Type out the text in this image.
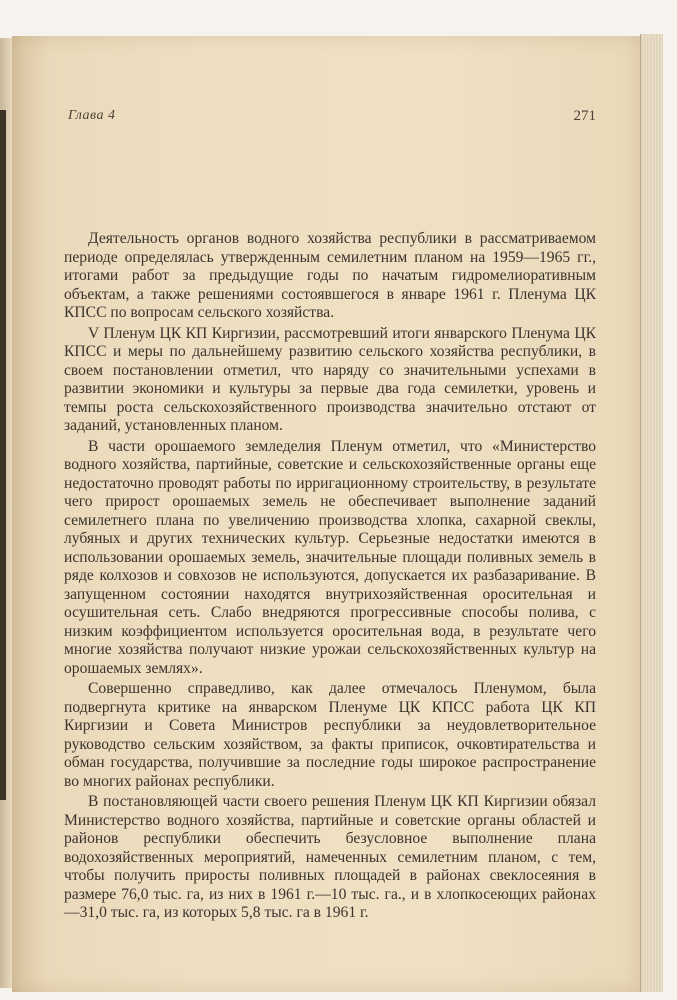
Глава 4	271

Деятельность органов водного хозяйства республики в рассматриваемом периоде определялась утвержденным семилетним планом на 1959—1965 гг., итогами работ за предыдущие годы по начатым гидромелиоративным объектам, а также решениями состоявшегося в январе 1961 г. Пленума ЦК КПСС по вопросам сельского хозяйства.

V Пленум ЦК КП Киргизии, рассмотревший итоги январского Пленума ЦК КПСС и меры по дальнейшему развитию сельского хозяйства республики, в своем постановлении отметил, что наряду со значительными успехами в развитии экономики и культуры за первые два года семилетки, уровень и темпы роста сельскохозяйственного производства значительно отстают от заданий, установленных планом.

В части орошаемого земледелия Пленум отметил, что «Министерство водного хозяйства, партийные, советские и сельскохозяйственные органы еще недостаточно проводят работы по ирригационному строительству, в результате чего прирост орошаемых земель не обеспечивает выполнение заданий семилетнего плана по увеличению производства хлопка, сахарной свеклы, лубяных и других технических культур. Серьезные недостатки имеются в использовании орошаемых земель, значительные площади поливных земель в ряде колхозов и совхозов не используются, допускается их разбазаривание. В запущенном состоянии находятся внутрихозяйственная оросительная и осушительная сеть. Слабо внедряются прогрессивные способы полива, с низким коэффициентом используется оросительная вода, в результате чего многие хозяйства получают низкие урожаи сельскохозяйственных культур на орошаемых землях».

Совершенно справедливо, как далее отмечалось Пленумом, была подвергнута критике на январском Пленуме ЦК КПСС работа ЦК КП Киргизии и Совета Министров республики за неудовлетворительное руководство сельским хозяйством, за факты приписок, очковтирательства и обман государства, получившие за последние годы широкое распространение во многих районах республики.

В постановляющей части своего решения Пленум ЦК КП Киргизии обязал Министерство водного хозяйства, партийные и советские органы областей и районов республики обеспечить безусловное выполнение плана водохозяйственных мероприятий, намеченных семилетним планом, с тем, чтобы получить приросты поливных площадей в районах свеклосеяния в размере 76,0 тыс. га, из них в 1961 г.—10 тыс. га., и в хлопкосеющих районах —31,0 тыс. га, из которых 5,8 тыс. га в 1961 г.
